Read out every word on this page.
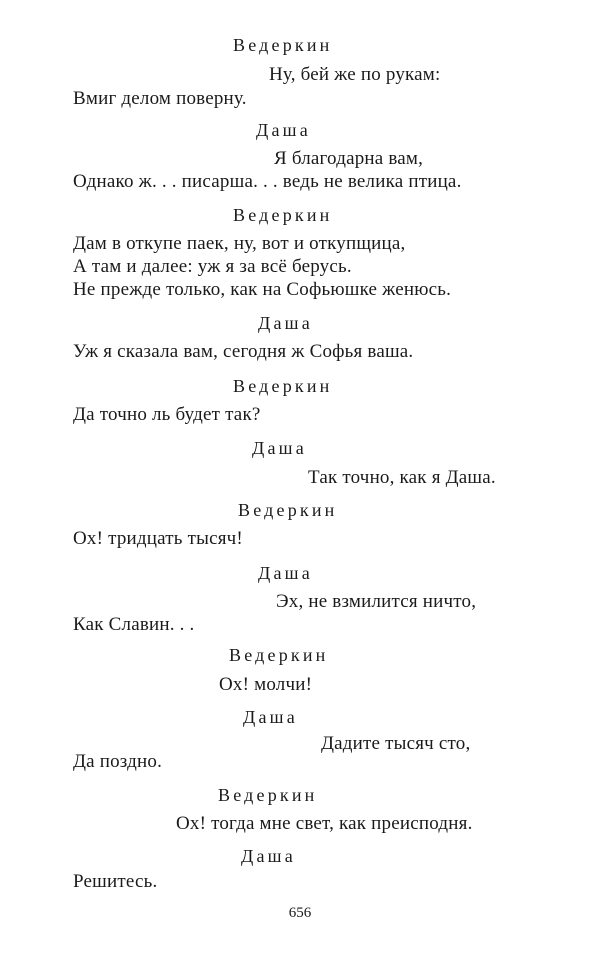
Ведеркин
Ну, бей же по рукам:
Вмиг делом поверну.
Даша
Я благодарна вам,
Однако ж. . . писарша. . . ведь не велика птица.
Ведеркин
Дам в откупе паек, ну, вот и откупщица,
А там и далее: уж я за всё берусь.
Не прежде только, как на Софьюшке женюсь.
Даша
Уж я сказала вам, сегодня ж Софья ваша.
Ведеркин
Да точно ль будет так?
Даша
Так точно, как я Даша.
Ведеркин
Ох! тридцать тысяч!
Даша
Эх, не взмилится ничто,
Как Славин. . .
Ведеркин
Ох! молчи!
Даша
Дадите тысяч сто,
Да поздно.
Ведеркин
Ох! тогда мне свет, как преисподня.
Даша
Решитесь.
656
